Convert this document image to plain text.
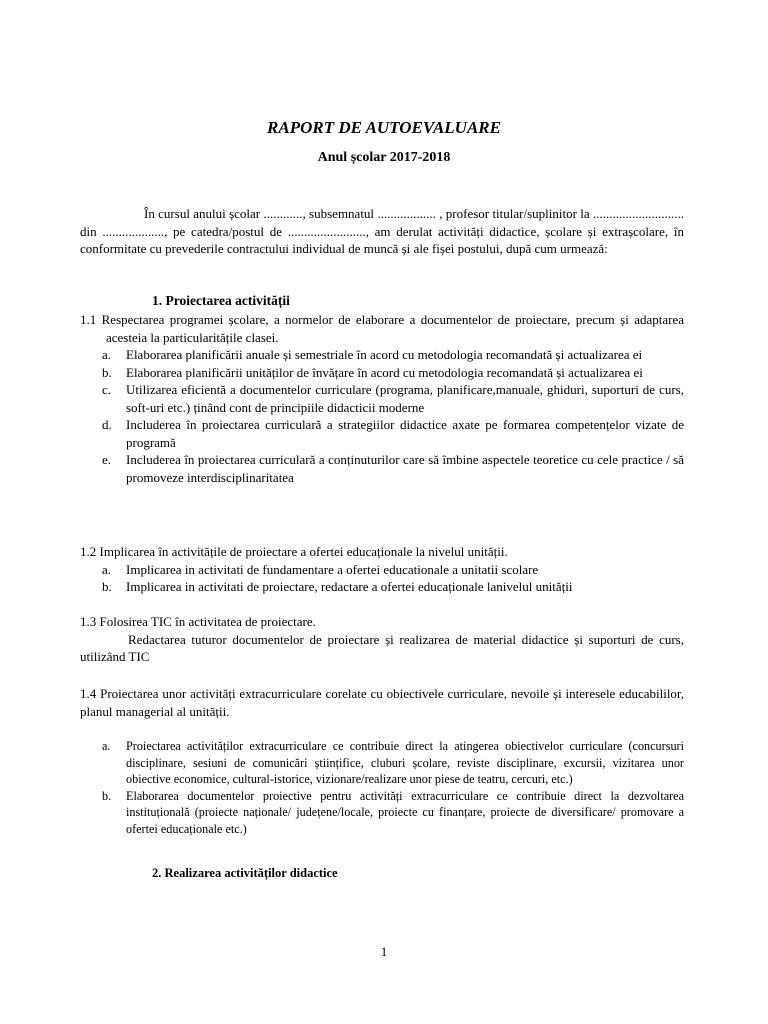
RAPORT DE AUTOEVALUARE
Anul școlar 2017-2018

În cursul anului școlar ............, subsemnatul .................. , profesor titular/suplinitor la ............................ din ..................., pe catedra/postul de ........................, am derulat activități didactice, școlare și extrașcolare, în conformitate cu prevederile contractului individual de muncă și ale fișei postului, după cum urmează:

1. Proiectarea activității

1.1 Respectarea programei școlare, a normelor de elaborare a documentelor de proiectare, precum și adaptarea acesteia la particularitățile clasei.

a. Elaborarea planificării anuale și semestriale în acord cu metodologia recomandată și actualizarea ei
b. Elaborarea planificării unităților de învățare în acord cu metodologia recomandată și actualizarea ei
c. Utilizarea eficientă a documentelor curriculare (programa, planificare,manuale, ghiduri, suporturi de curs, soft-uri etc.) ținând cont de principiile didacticii moderne
d. Includerea în proiectarea curriculară a strategiilor didactice axate pe formarea competențelor vizate de programă
e. Includerea în proiectarea curriculară a conținuturilor care să îmbine aspectele teoretice cu cele practice / să promoveze interdisciplinaritatea

1.2 Implicarea în activitățile de proiectare a ofertei educaționale la nivelul unității.

a. Implicarea in activitati de fundamentare a ofertei educationale a unitatii scolare
b. Implicarea in activitati de proiectare, redactare a ofertei educaționale lanivelul unității

1.3 Folosirea TIC în activitatea de proiectare.

Redactarea tuturor documentelor de proiectare și realizarea de material didactice și suporturi de curs, utilizând TIC

1.4 Proiectarea unor activități extracurriculare corelate cu obiectivele curriculare, nevoile și interesele educabililor, planul managerial al unității.

a. Proiectarea activităților extracurriculare ce contribuie direct la atingerea obiectivelor curriculare (concursuri disciplinare, sesiuni de comunicări științifice, cluburi școlare, reviste disciplinare, excursii, vizitarea unor obiective economice, cultural-istorice, vizionare/realizare unor piese de teatru, cercuri, etc.)
b. Elaborarea documentelor proiective pentru activități extracurriculare ce contribuie direct la dezvoltarea instituțională (proiecte naționale/ județene/locale, proiecte cu finanțare, proiecte de diversificare/ promovare a ofertei educaționale etc.)
2. Realizarea activităților didactice
1
